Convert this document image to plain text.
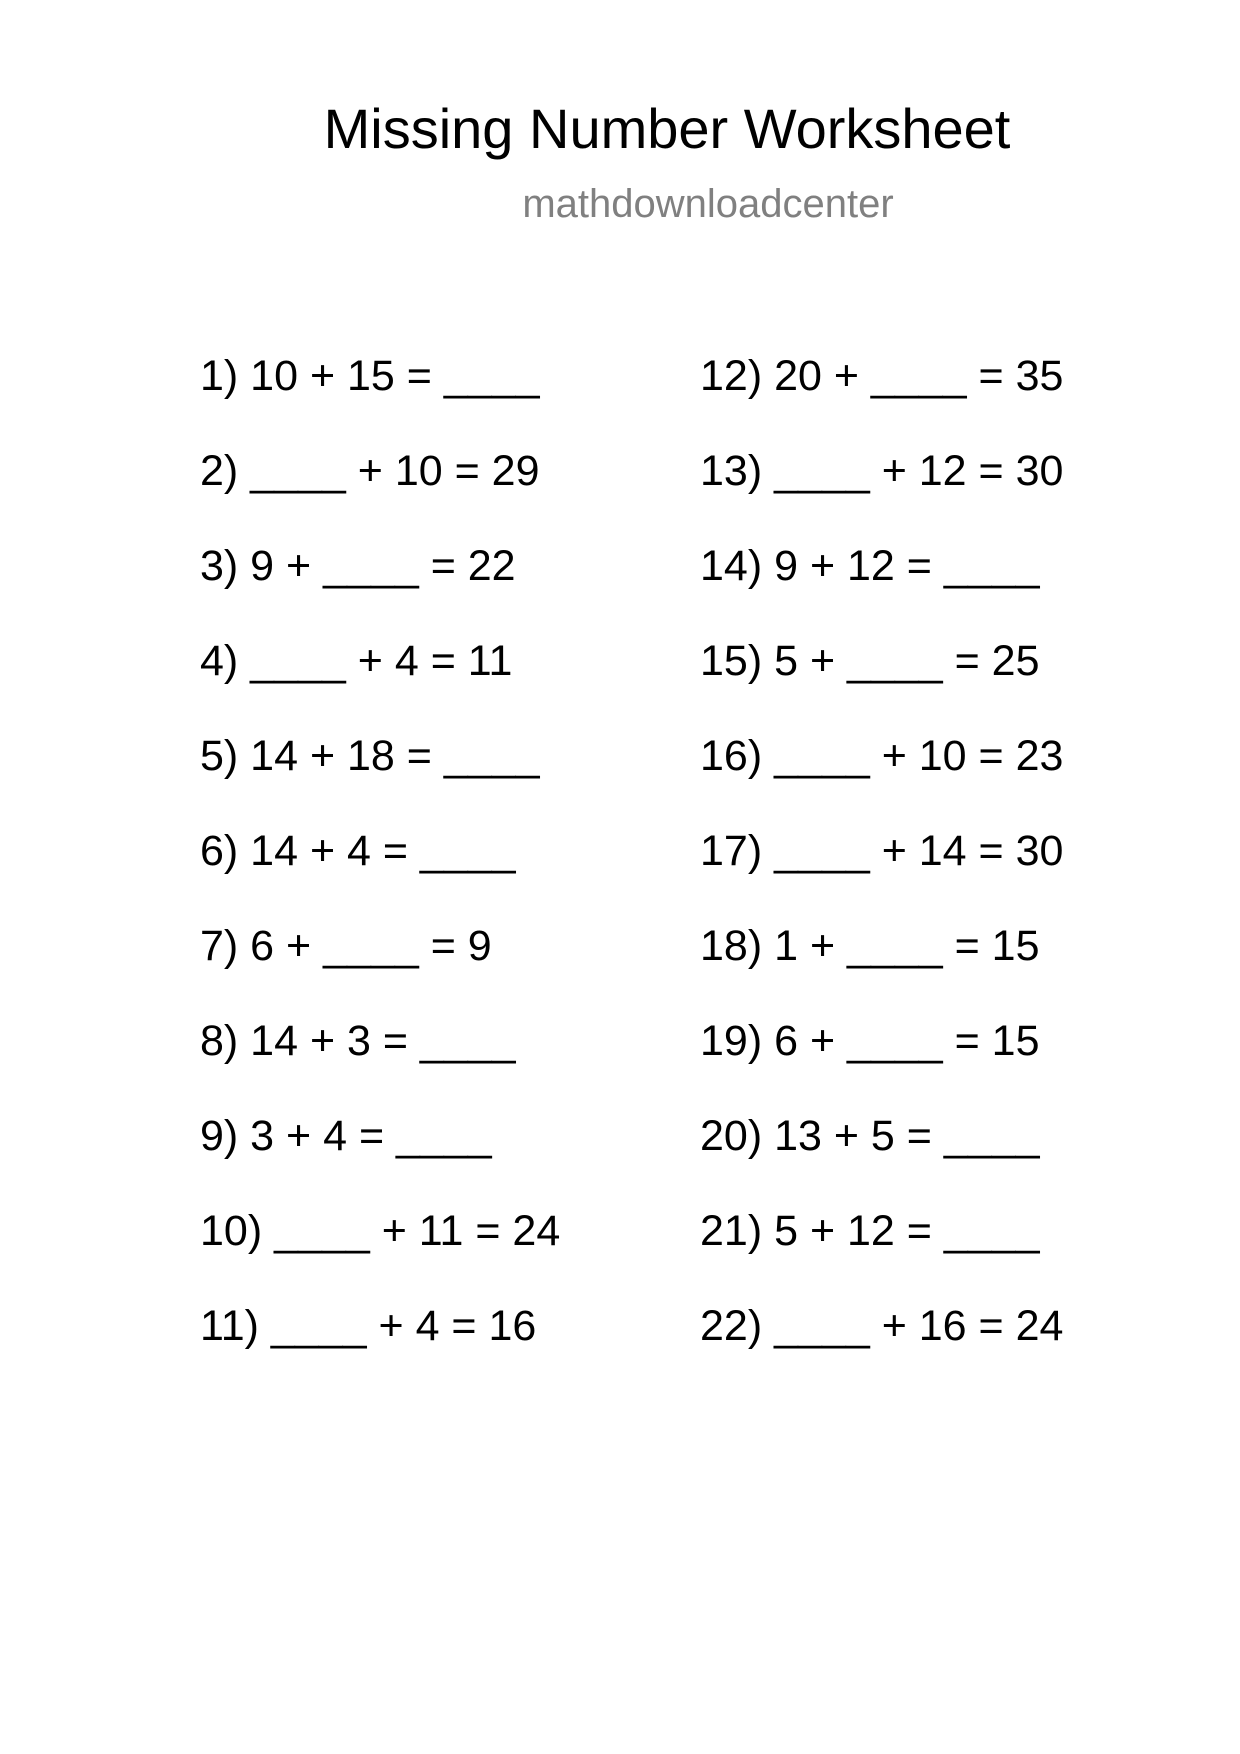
Missing Number Worksheet
mathdownloadcenter
1) 10 + 15 = ____
2) ____ + 10 = 29
3) 9 + ____ = 22
4) ____ + 4 = 11
5) 14 + 18 = ____
6) 14 + 4 = ____
7) 6 + ____ = 9
8) 14 + 3 = ____
9) 3 + 4 = ____
10) ____ + 11 = 24
11) ____ + 4 = 16
12) 20 + ____ = 35
13) ____ + 12 = 30
14) 9 + 12 = ____
15) 5 + ____ = 25
16) ____ + 10 = 23
17) ____ + 14 = 30
18) 1 + ____ = 15
19) 6 + ____ = 15
20) 13 + 5 = ____
21) 5 + 12 = ____
22) ____ + 16 = 24
